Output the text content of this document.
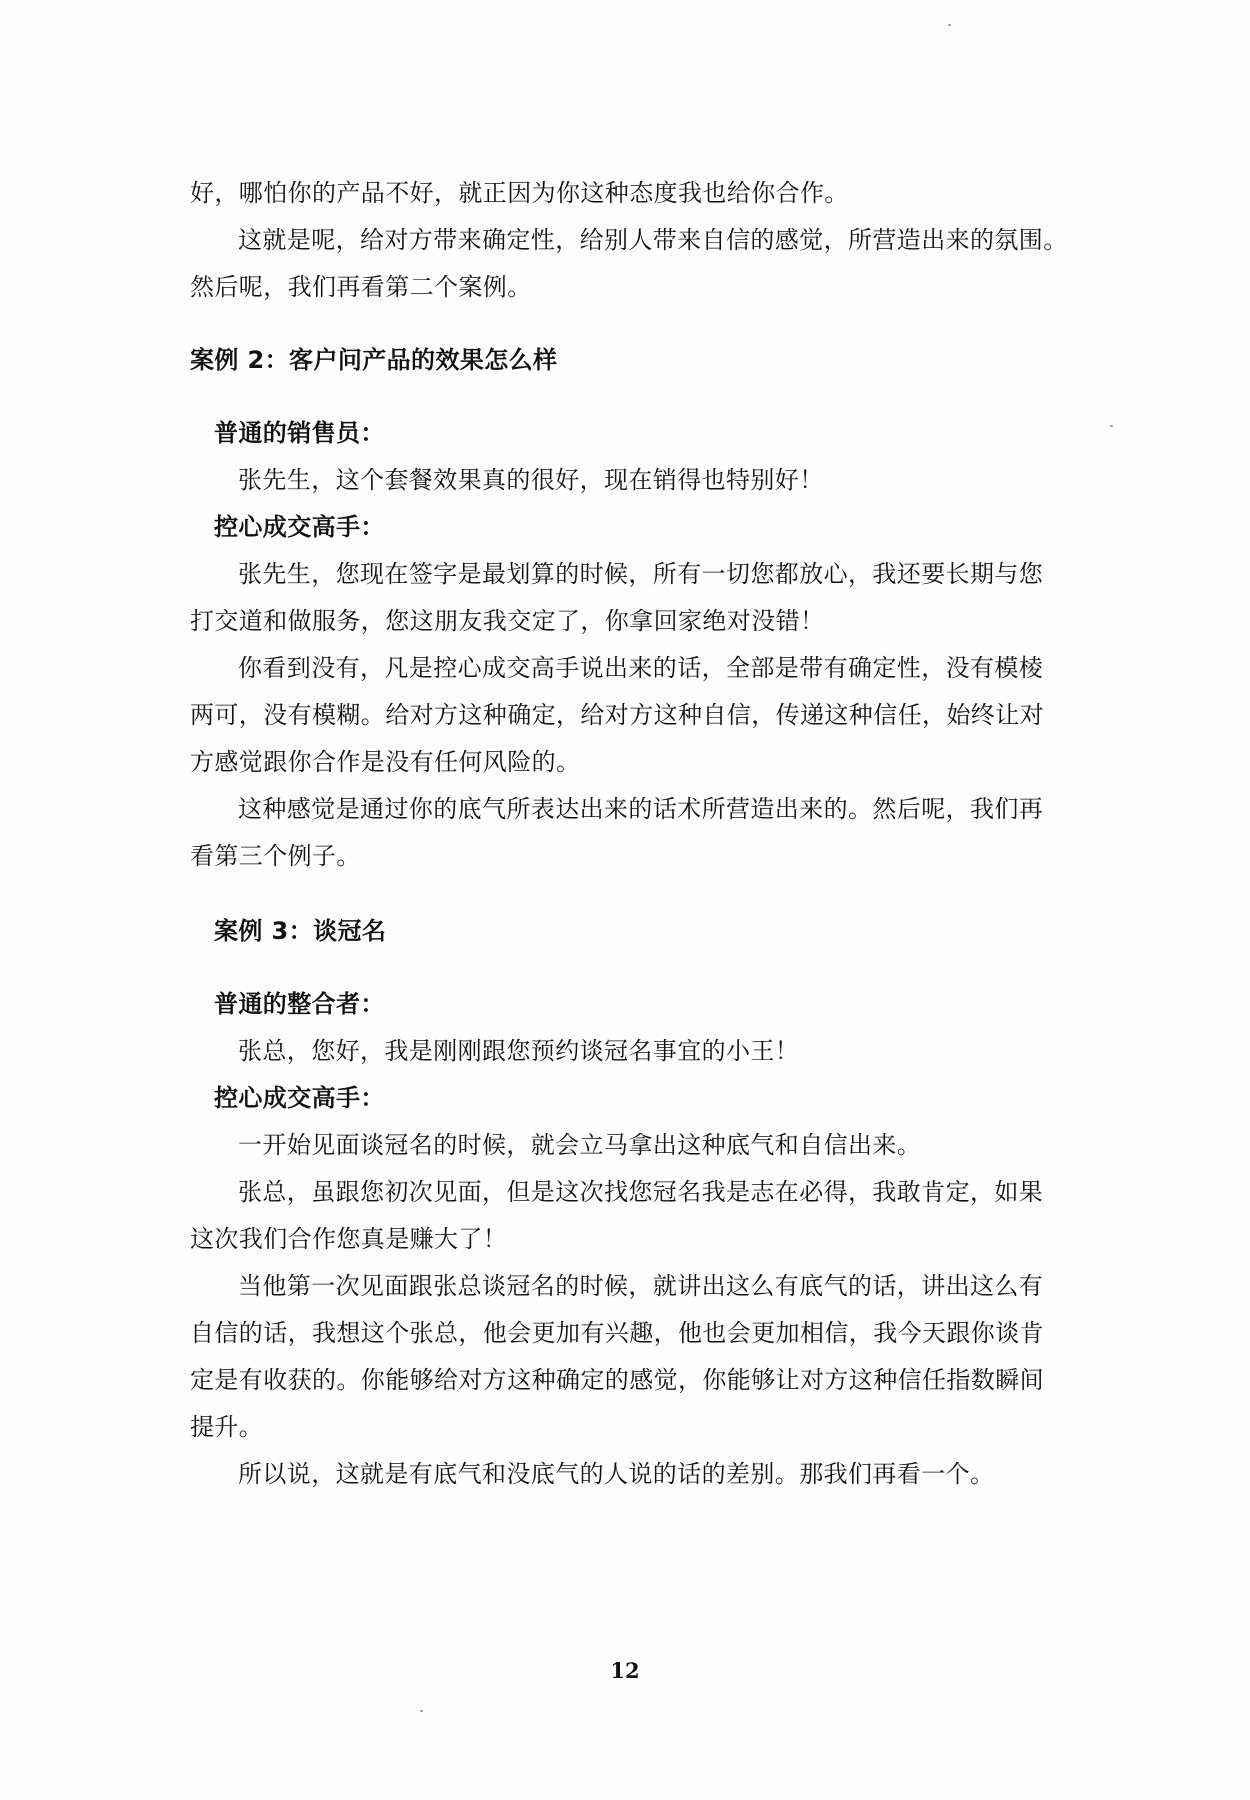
好，哪怕你的产品不好，就正因为你这种态度我也给你合作。
这就是呢，给对方带来确定性，给别人带来自信的感觉，所营造出来的氛围。
然后呢，我们再看第二个案例。
案例 2：客户问产品的效果怎么样
普通的销售员：
张先生，这个套餐效果真的很好，现在销得也特别好！
控心成交高手：
张先生，您现在签字是最划算的时候，所有一切您都放心，我还要长期与您
打交道和做服务，您这朋友我交定了，你拿回家绝对没错！
你看到没有，凡是控心成交高手说出来的话，全部是带有确定性，没有模棱
两可，没有模糊。给对方这种确定，给对方这种自信，传递这种信任，始终让对
方感觉跟你合作是没有任何风险的。
这种感觉是通过你的底气所表达出来的话术所营造出来的。然后呢，我们再
看第三个例子。
案例 3：谈冠名
普通的整合者：
张总，您好，我是刚刚跟您预约谈冠名事宜的小王！
控心成交高手：
一开始见面谈冠名的时候，就会立马拿出这种底气和自信出来。
张总，虽跟您初次见面，但是这次找您冠名我是志在必得，我敢肯定，如果
这次我们合作您真是赚大了！
当他第一次见面跟张总谈冠名的时候，就讲出这么有底气的话，讲出这么有
自信的话，我想这个张总，他会更加有兴趣，他也会更加相信，我今天跟你谈肯
定是有收获的。你能够给对方这种确定的感觉，你能够让对方这种信任指数瞬间
提升。
所以说，这就是有底气和没底气的人说的话的差别。那我们再看一个。
12
